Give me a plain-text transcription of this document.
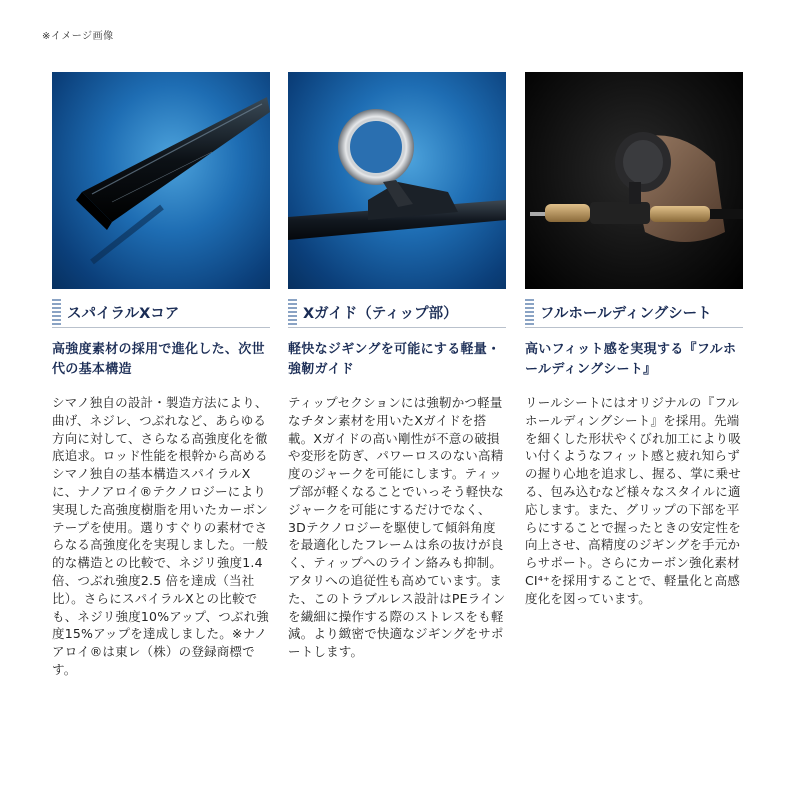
※イメージ画像
スパイラルXコア
高強度素材の採用で進化した、次世代の基本構造
シマノ独自の設計・製造方法により、曲げ、ネジレ、つぶれなど、あらゆる方向に対して、さらなる高強度化を徹底追求。ロッド性能を根幹から高めるシマノ独自の基本構造スパイラルXに、ナノアロイ®テクノロジーにより実現した高強度樹脂を用いたカーボンテープを使用。選りすぐりの素材でさらなる高強度化を実現しました。一般的な構造との比較で、ネジリ強度1.4倍、つぶれ強度2.5 倍を達成（当社比）。さらにスパイラルXとの比較でも、ネジリ強度10%アップ、つぶれ強度15%アップを達成しました。※ナノアロイ®は東レ（株）の登録商標です。
Xガイド（ティップ部）
軽快なジギングを可能にする軽量・強靭ガイド
ティップセクションには強靭かつ軽量なチタン素材を用いたXガイドを搭載。Xガイドの高い剛性が不意の破損や変形を防ぎ、パワーロスのない高精度のジャークを可能にします。ティップ部が軽くなることでいっそう軽快なジャークを可能にするだけでなく、3Dテクノロジーを駆使して傾斜角度を最適化したフレームは糸の抜けが良く、ティップへのライン絡みも抑制。アタリへの追従性も高めています。また、このトラブルレス設計はPEラインを繊細に操作する際のストレスをも軽減。より緻密で快適なジギングをサポートします。
フルホールディングシート
高いフィット感を実現する『フルホールディングシート』
リールシートにはオリジナルの『フルホールディングシート』を採用。先端を細くした形状やくびれ加工により吸い付くようなフィット感と疲れ知らずの握り心地を追求し、握る、掌に乗せる、包み込むなど様々なスタイルに適応します。また、グリップの下部を平らにすることで握ったときの安定性を向上させ、高精度のジギングを手元からサポート。さらにカーボン強化素材CI⁴⁺を採用することで、軽量化と高感度化を図っています。
